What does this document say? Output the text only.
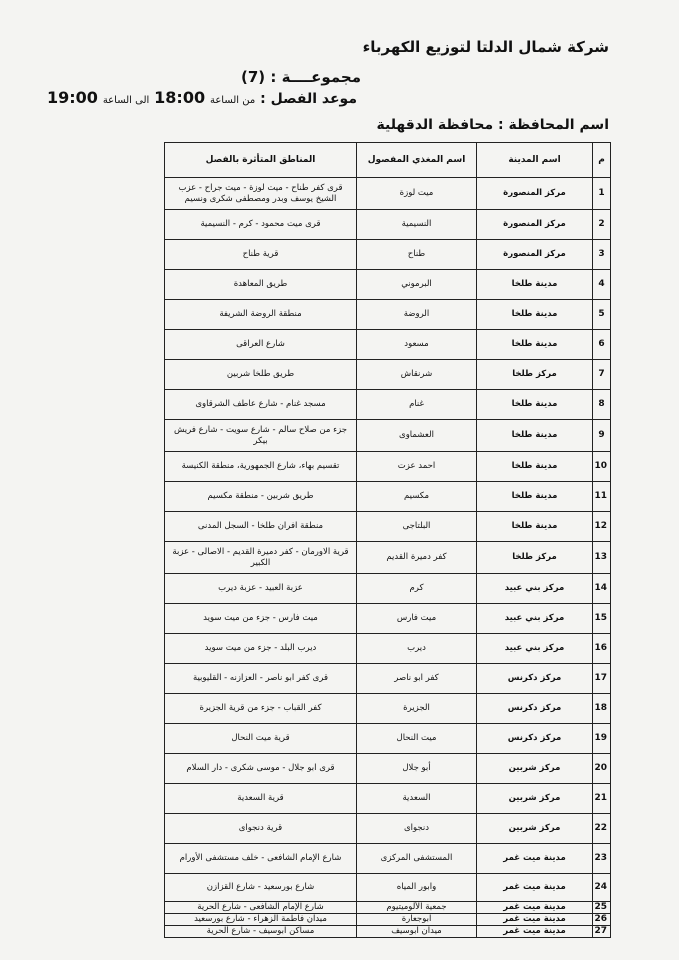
شركة شمال الدلتا لتوزيع الكهرباء
مجموعــــة : (7)
موعد الفصل : من الساعة 18:00 الى الساعة 19:00
اسم المحافظة : محافظة الدقهلية
م	اسم المدينة	اسم المغذي المفصول	المناطق المتأثرة بالفصل
1	مركز المنصورة	ميت لوزة	قرى كفر طناح - ميت لوزة - ميت جراح - عزب الشيخ يوسف وبدر ومصطفى شكرى ونسيم
2	مركز المنصورة	النسيمية	قرى ميت محمود - كرم - النسيمية
3	مركز المنصورة	طناح	قرية طناح
4	مدينة طلخا	البرموني	طريق المعاهدة
5	مدينة طلخا	الروضة	منطقة الروضة الشريفة
6	مدينة طلخا	مسعود	شارع العراقى
7	مركز طلخا	شرنقاش	طريق طلخا شربين
8	مدينة طلخا	غنام	مسجد غنام - شارع عاطف الشرقاوى
9	مدينة طلخا	العشماوى	جزء من صلاح سالم - شارع سويت - شارع فريش بيكر
10	مدينة طلخا	احمد عزت	تقسيم بهاء، شارع الجمهورية، منطقة الكنيسة
11	مدينة طلخا	مكسيم	طريق شربين - منطقة مكسيم
12	مدينة طلخا	البلتاجى	منطقة افران طلخا - السجل المدنى
13	مركز طلخا	كفر دميرة القديم	قرية الاورمان - كفر دميرة القديم - الاصالى - عزبة الكبير
14	مركز بني عبيد	كرم	عزبة العبيد - عزبة ديرب
15	مركز بني عبيد	ميت فارس	ميت فارس - جزء من ميت سويد
16	مركز بني عبيد	ديرب	ديرب البلد - جزء من ميت سويد
17	مركز دكرنس	كفر ابو ناصر	قرى كفر ابو ناصر - العزازنه - القليوبية
18	مركز دكرنس	الجزيرة	كفر القباب - جزء من قرية الجزيرة
19	مركز دكرنس	ميت النحال	قرية ميت النحال
20	مركز شربين	أبو جلال	قرى ابو جلال - موسى شكرى - دار السلام
21	مركز شربين	السعدية	قرية السعدية
22	مركز شربين	دنجواى	قرية دنجواى
23	مدينة ميت غمر	المستشفى المركزى	شارع الإمام الشافعى - خلف مستشفى الأورام
24	مدينة ميت غمر	وابور المياه	شارع بورسعيد - شارع القزازن
25	مدينة ميت غمر	جمعية الألوميتيوم	شارع الإمام الشافعى - شارع الحرية
26	مدينة ميت غمر	ابوجعارة	ميدان فاطمة الزهراء - شارع بورسعيد
27	مدينة ميت غمر	ميدان ابوسيف	مساكن ابوسيف - شارع الحرية
